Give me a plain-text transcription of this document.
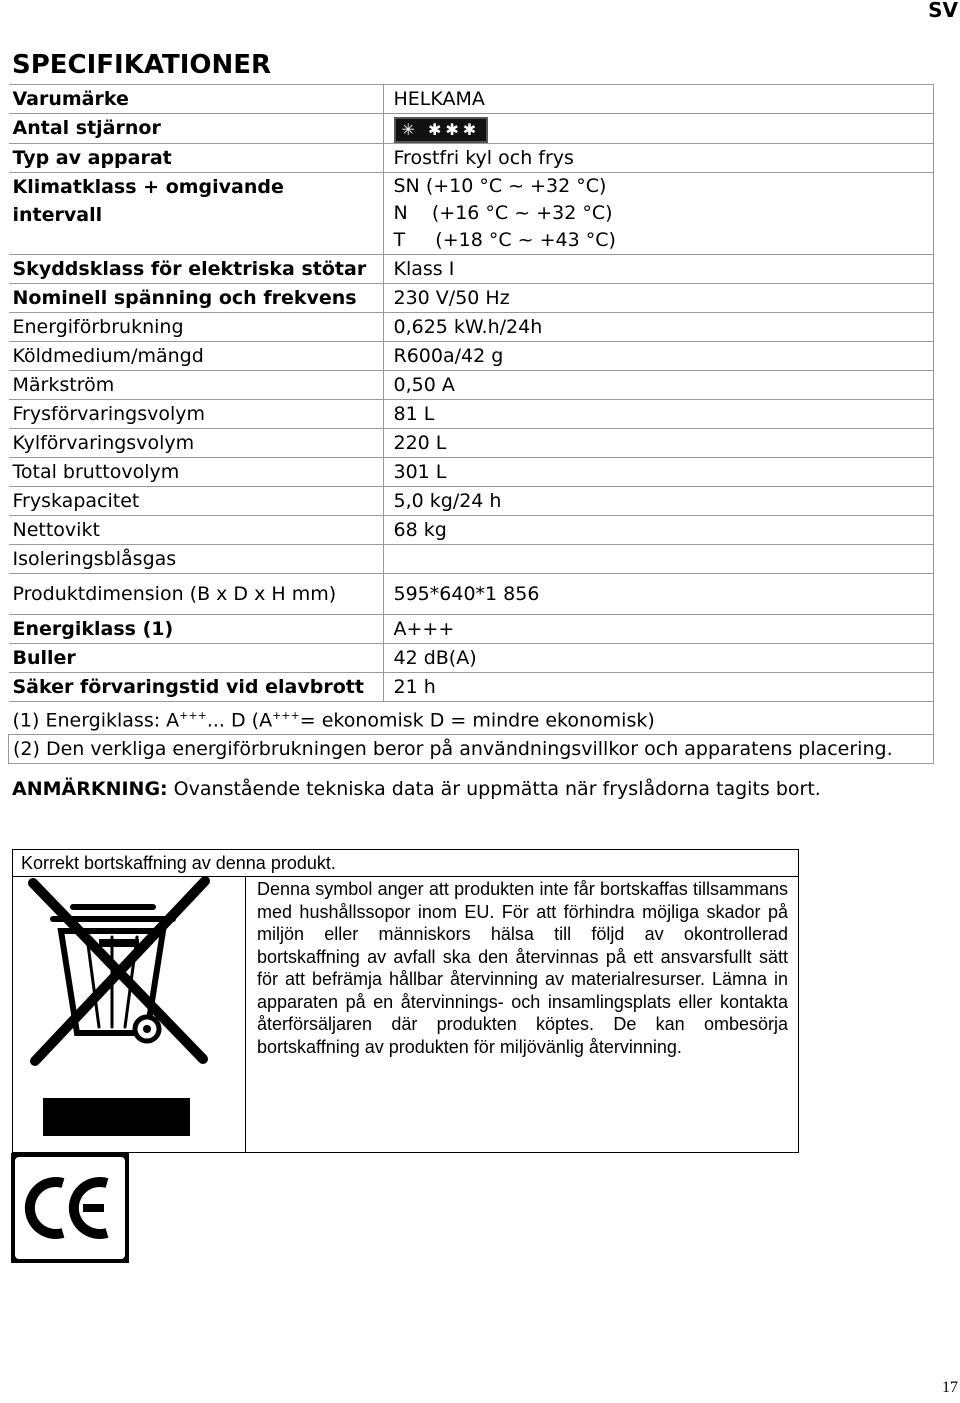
SV
SPECIFIKATIONER
Varumärke	HELKAMA
Antal stjärnor	✳ ✱✱✱
Typ av apparat	Frostfri kyl och frys
Klimatklass + omgivande intervall	SN (+10 °C ~ +32 °C)
N    (+16 °C ~ +32 °C)
T     (+18 °C ~ +43 °C)

Skyddsklass för elektriska stötar	Klass I
Nominell spänning och frekvens	230 V/50 Hz
Energiförbrukning	0,625 kW.h/24h
Köldmedium/mängd	R600a/42 g
Märkström	0,50 A
Frysförvaringsvolym	81 L
Kylförvaringsvolym	220 L
Total bruttovolym	301 L
Fryskapacitet	5,0 kg/24 h
Nettovikt	68 kg
Isoleringsblåsgas	
Produktdimension (B x D x H mm)	595*640*1 856
Energiklass (1)	A+++
Buller	42 dB(A)
Säker förvaringstid vid elavbrott	21 h
(1) Energiklass: A+++... D (A+++= ekonomisk D = mindre ekonomisk)	
(2) Den verkliga energiförbrukningen beror på användningsvillkor och apparatens placering.	
ANMÄRKNING: Ovanstående tekniska data är uppmätta när fryslådorna tagits bort.
Korrekt bortskaffning av denna produkt.
Denna symbol anger att produkten inte får bortskaffas tillsammans med hushållssopor inom EU. För att förhindra möjliga skador på miljön eller människors hälsa till följd av okontrollerad bortskaffning av avfall ska den återvinnas på ett ansvarsfullt sätt för att befrämja hållbar återvinning av materialresurser. Lämna in apparaten på en återvinnings- och insamlingsplats eller kontakta återförsäljaren där produkten köptes. De kan ombesörja bortskaffning av produkten för miljövänlig återvinning.
17
